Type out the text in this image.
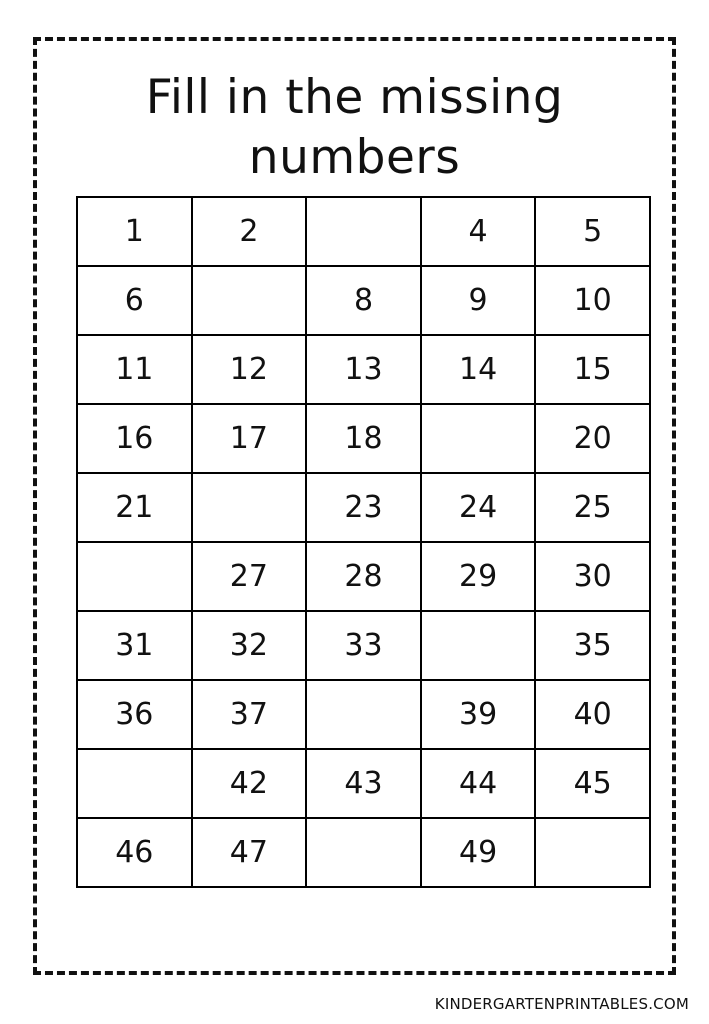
Fill in the missing numbers
1	2		4	5
6		8	9	10
11	12	13	14	15
16	17	18		20
21		23	24	25
	27	28	29	30
31	32	33		35
36	37		39	40
	42	43	44	45
46	47		49	
KINDERGARTENPRINTABLES.COM
